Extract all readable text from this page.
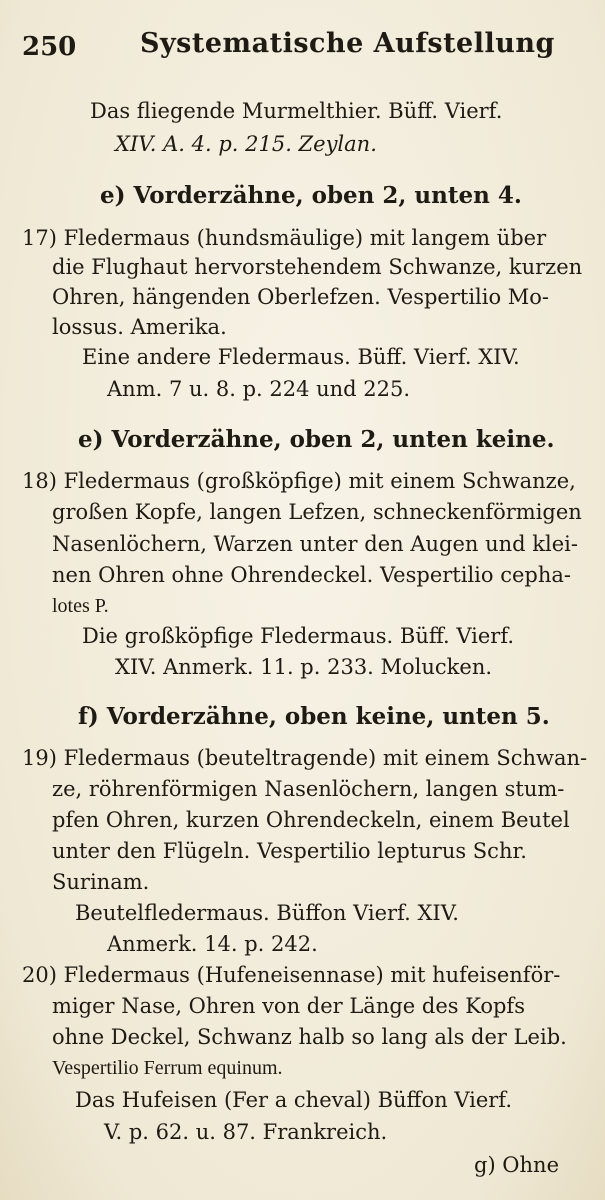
250 Systematische Aufstellung
Das fliegende Murmelthier. Büff. Vierf.
XIV. A. 4. p. 215. Zeylan.
e) Vorderzähne, oben 2, unten 4.
17) Fledermaus (hundsmäulige) mit langem über
die Flughaut hervorstehendem Schwanze, kurzen
Ohren, hängenden Oberlefzen. Vespertilio Mo-
lossus. Amerika.
Eine andere Fledermaus. Büff. Vierf. XIV.
Anm. 7 u. 8. p. 224 und 225.
e) Vorderzähne, oben 2, unten keine.
18) Fledermaus (großköpfige) mit einem Schwanze,
großen Kopfe, langen Lefzen, schneckenförmigen
Nasenlöchern, Warzen unter den Augen und klei-
nen Ohren ohne Ohrendeckel. Vespertilio cepha-
lotes P.
Die großköpfige Fledermaus. Büff. Vierf.
XIV. Anmerk. 11. p. 233. Molucken.
f) Vorderzähne, oben keine, unten 5.
19) Fledermaus (beuteltragende) mit einem Schwan-
ze, röhrenförmigen Nasenlöchern, langen stum-
pfen Ohren, kurzen Ohrendeckeln, einem Beutel
unter den Flügeln. Vespertilio lepturus Schr.
Surinam.
Beutelfledermaus. Büffon Vierf. XIV.
Anmerk. 14. p. 242.
20) Fledermaus (Hufeneisennase) mit hufeisenför-
miger Nase, Ohren von der Länge des Kopfs
ohne Deckel, Schwanz halb so lang als der Leib.
Vespertilio Ferrum equinum.
Das Hufeisen (Fer a cheval) Büffon Vierf.
V. p. 62. u. 87. Frankreich.
g) Ohne
